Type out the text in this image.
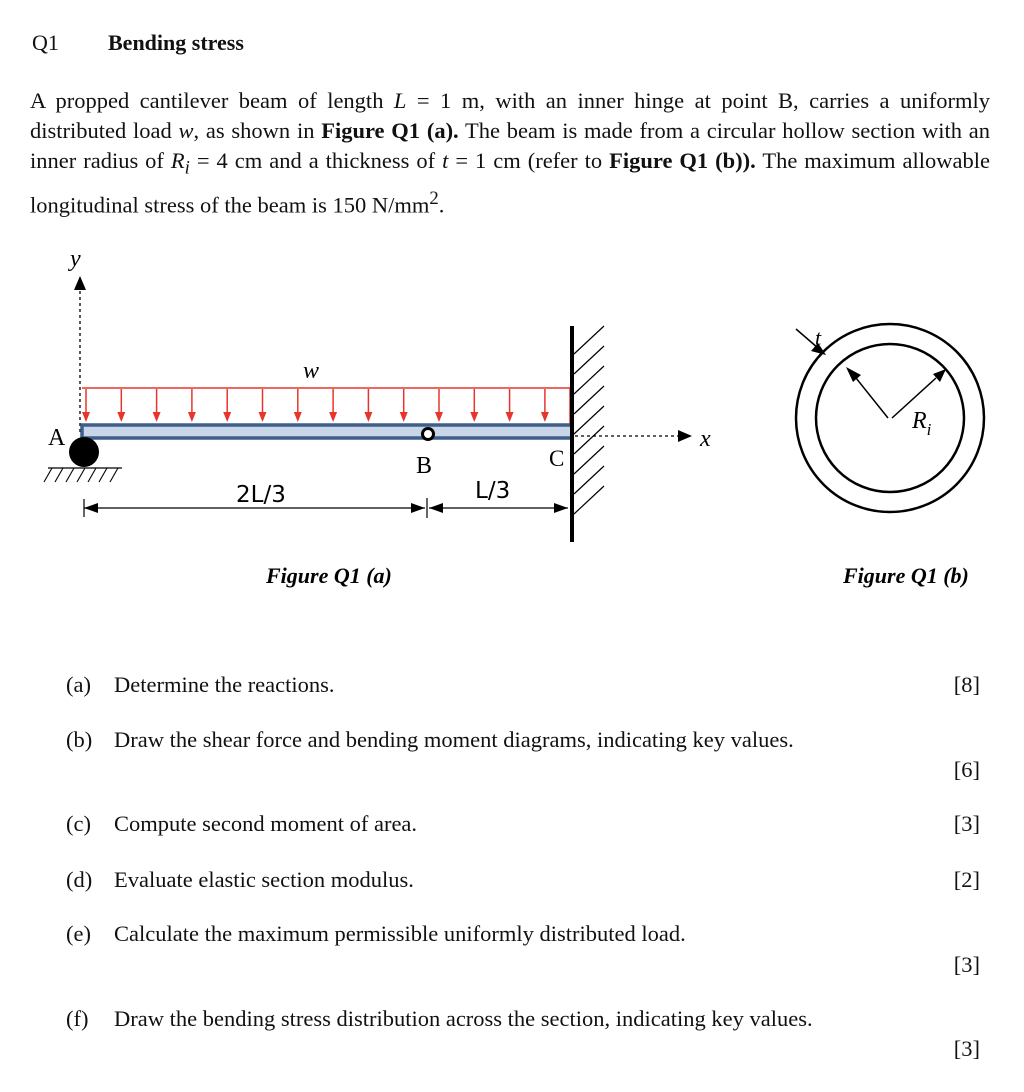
Q1 Bending stress
A propped cantilever beam of length L = 1 m, with an inner hinge at point B, carries a uniformly distributed load w, as shown in Figure Q1 (a). The beam is made from a circular hollow section with an inner radius of $R_i = 4$ cm and a thickness of t = 1 cm (refer to Figure Q1 (b)). The maximum allowable longitudinal stress of the beam is 150 $N/mm^2$.
y
w
A
B	C
x
2L/3	L/3
t
$R_i$
Figure Q1 (a)	Figure Q1 (b)
(a) Determine the reactions.	[8]
(b) Draw the shear force and bending moment diagrams, indicating key values.
[6]
(c) Compute second moment of area.	[3]
(d) Evaluate elastic section modulus.	[2]
(e) Calculate the maximum permissible uniformly distributed load.
[3]
(f) Draw the bending stress distribution across the section, indicating key values.
[3]
